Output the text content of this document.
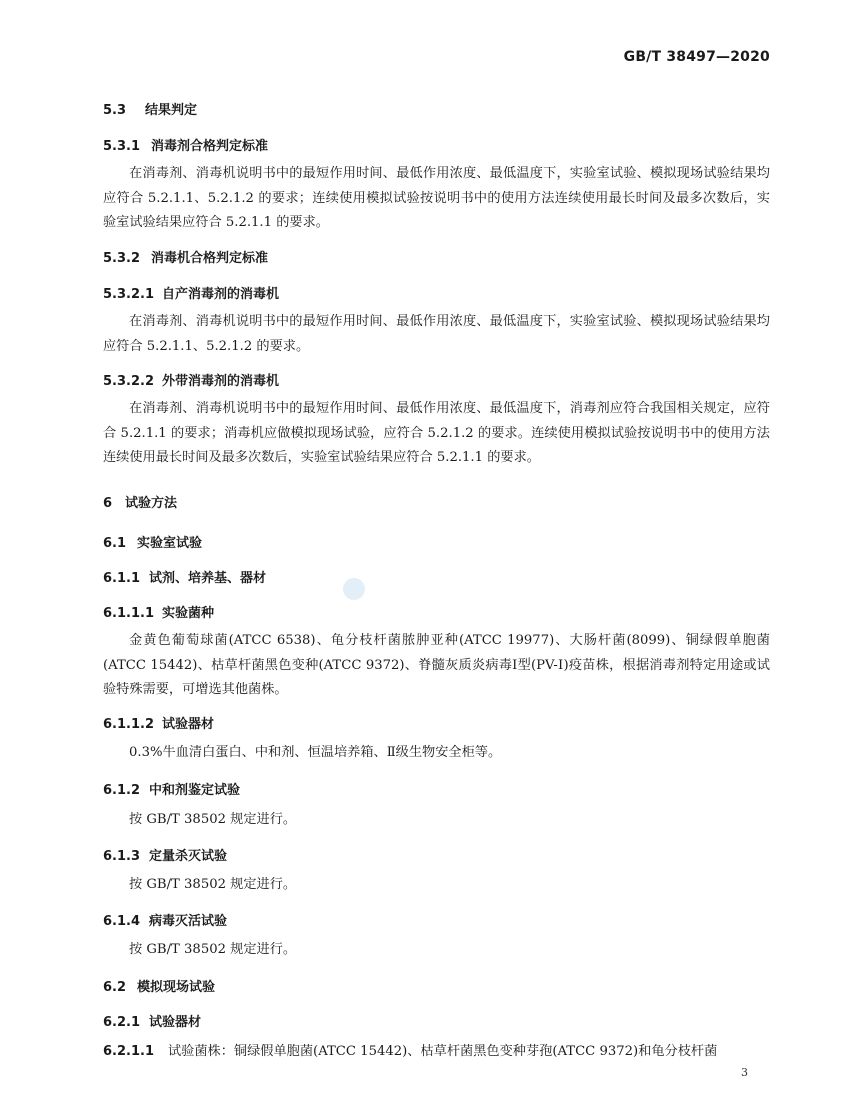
GB/T 38497—2020
5.3 结果判定
5.3.1 消毒剂合格判定标准
在消毒剂、消毒机说明书中的最短作用时间、最低作用浓度、最低温度下，实验室试验、模拟现场试验结果均应符合 5.2.1.1、5.2.1.2 的要求；连续使用模拟试验按说明书中的使用方法连续使用最长时间及最多次数后，实验室试验结果应符合 5.2.1.1 的要求。
5.3.2 消毒机合格判定标准
5.3.2.1 自产消毒剂的消毒机
在消毒剂、消毒机说明书中的最短作用时间、最低作用浓度、最低温度下，实验室试验、模拟现场试验结果均应符合 5.2.1.1、5.2.1.2 的要求。
5.3.2.2 外带消毒剂的消毒机
在消毒剂、消毒机说明书中的最短作用时间、最低作用浓度、最低温度下，消毒剂应符合我国相关规定，应符合 5.2.1.1 的要求；消毒机应做模拟现场试验，应符合 5.2.1.2 的要求。连续使用模拟试验按说明书中的使用方法连续使用最长时间及最多次数后，实验室试验结果应符合 5.2.1.1 的要求。
6 试验方法
6.1 实验室试验
6.1.1 试剂、培养基、器材
6.1.1.1 实验菌种
金黄色葡萄球菌(ATCC 6538)、龟分枝杆菌脓肿亚种(ATCC 19977)、大肠杆菌(8099)、铜绿假单胞菌(ATCC 15442)、枯草杆菌黑色变种(ATCC 9372)、脊髓灰质炎病毒Ⅰ型(PV-Ⅰ)疫苗株，根据消毒剂特定用途或试验特殊需要，可增选其他菌株。
6.1.1.2 试验器材
0.3%牛血清白蛋白、中和剂、恒温培养箱、Ⅱ级生物安全柜等。
6.1.2 中和剂鉴定试验
按 GB/T 38502 规定进行。
6.1.3 定量杀灭试验
按 GB/T 38502 规定进行。
6.1.4 病毒灭活试验
按 GB/T 38502 规定进行。
6.2 模拟现场试验
6.2.1 试验器材
6.2.1.1 试验菌株：铜绿假单胞菌(ATCC 15442)、枯草杆菌黑色变种芽孢(ATCC 9372)和龟分枝杆菌
3
